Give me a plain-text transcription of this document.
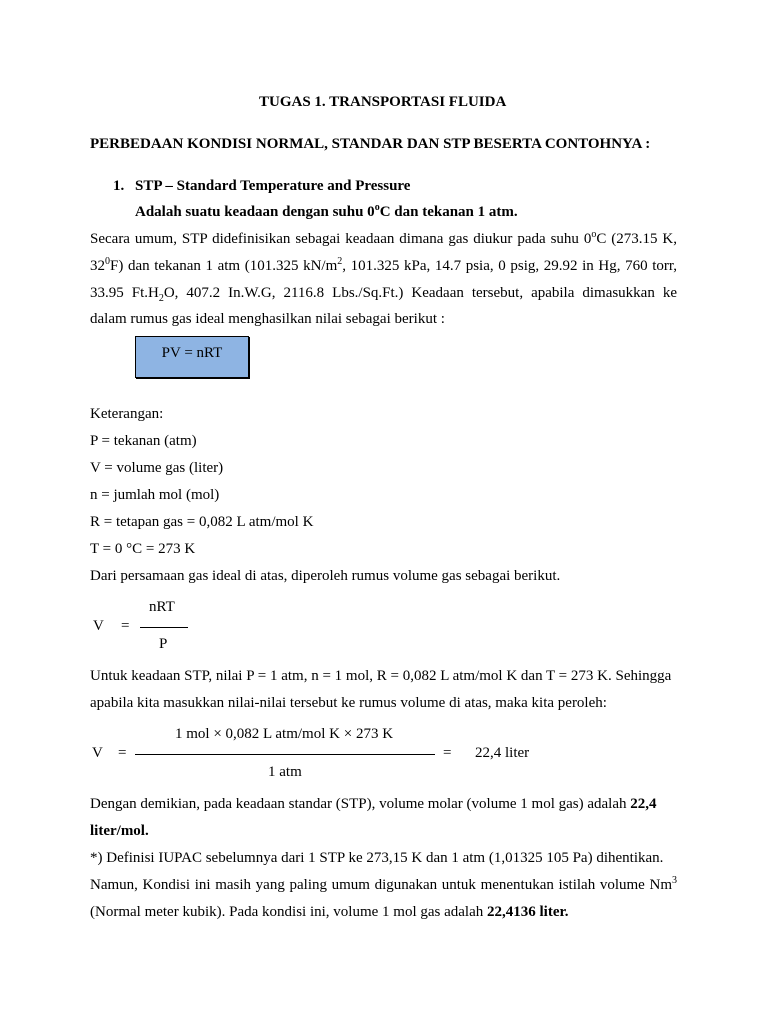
TUGAS 1. TRANSPORTASI FLUIDA
PERBEDAAN KONDISI NORMAL, STANDAR DAN STP BESERTA CONTOHNYA :
1. STP – Standard Temperature and Pressure
Adalah suatu keadaan dengan suhu 0$^o$C dan tekanan 1 atm.
Secara umum, STP didefinisikan sebagai keadaan dimana gas diukur pada suhu 0$^o$C (273.15 K,
$32^0F$) dan tekanan 1 atm (101.325 $kN/m^2$, 101.325 kPa, 14.7 psia, 0 psig, 29.92 in Hg, 760 torr,
33.95 $Ft.H_2O$, 407.2 In.W.G, 2116.8 Lbs./Sq.Ft.) Keadaan tersebut, apabila dimasukkan ke
dalam rumus gas ideal menghasilkan nilai sebagai berikut :
PV = nRT
Keterangan:
P = tekanan (atm)
V = volume gas (liter)
n = jumlah mol (mol)
R = tetapan gas = 0,082 L atm/mol K
T = 0 °C = 273 K
Dari persamaan gas ideal di atas, diperoleh rumus volume gas sebagai berikut.
nRT
V =
P
Untuk keadaan STP, nilai P = 1 atm, n = 1 mol, R = 0,082 L atm/mol K dan T = 273 K. Sehingga
apabila kita masukkan nilai-nilai tersebut ke rumus volume di atas, maka kita peroleh:
1 mol × 0,082 L atm/mol K × 273 K
V =	= 22,4 liter
1 atm
Dengan demikian, pada keadaan standar (STP), volume molar (volume 1 mol gas) adalah 22,4
liter/mol.
*) Definisi IUPAC sebelumnya dari 1 STP ke 273,15 K dan 1 atm (1,01325 105 Pa) dihentikan.
Namun, Kondisi ini masih yang paling umum digunakan untuk menentukan istilah volume Nm$^3$
(Normal meter kubik). Pada kondisi ini, volume 1 mol gas adalah 22,4136 liter.
